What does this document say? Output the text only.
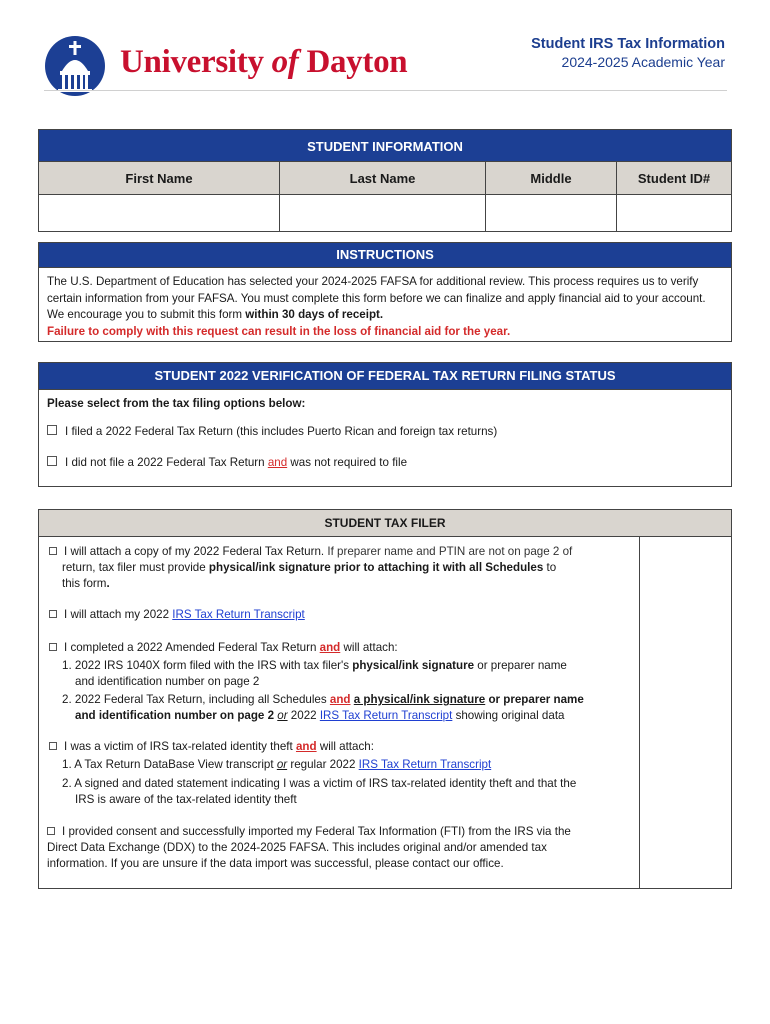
University of Dayton	Student IRS Tax Information
2024-2025 Academic Year
STUDENT INFORMATION			
First Name	Last Name	Middle	Student ID#

INSTRUCTIONS
The U.S. Department of Education has selected your 2024-2025 FAFSA for additional review. This process requires us to verify certain information from your FAFSA. You must complete this form before we can finalize and apply financial aid to your account. We encourage you to submit this form within 30 days of receipt.
Failure to comply with this request can result in the loss of financial aid for the year.
STUDENT 2022 VERIFICATION OF FEDERAL TAX RETURN FILING STATUS
Please select from the tax filing options below:
I filed a 2022 Federal Tax Return (this includes Puerto Rican and foreign tax returns)
I did not file a 2022 Federal Tax Return and was not required to file
STUDENT TAX FILER
I will attach a copy of my 2022 Federal Tax Return. If preparer name and PTIN are not on page 2 of
return, tax filer must provide physical/ink signature prior to attaching it with all Schedules to
this form.
I will attach my 2022 IRS Tax Return Transcript
I completed a 2022 Amended Federal Tax Return and will attach:
1. 2022 IRS 1040X form filed with the IRS with tax filer's physical/ink signature or preparer name
and identification number on page 2
2. 2022 Federal Tax Return, including all Schedules and a physical/ink signature or preparer name
and identification number on page 2 or 2022 IRS Tax Return Transcript showing original data
I was a victim of IRS tax-related identity theft and will attach:
1. A Tax Return DataBase View transcript or regular 2022 IRS Tax Return Transcript
2. A signed and dated statement indicating I was a victim of IRS tax-related identity theft and that the
IRS is aware of the tax-related identity theft
I provided consent and successfully imported my Federal Tax Information (FTI) from the IRS via the
Direct Data Exchange (DDX) to the 2024-2025 FAFSA. This includes original and/or amended tax
information. If you are unsure if the data import was successful, please contact our office.
